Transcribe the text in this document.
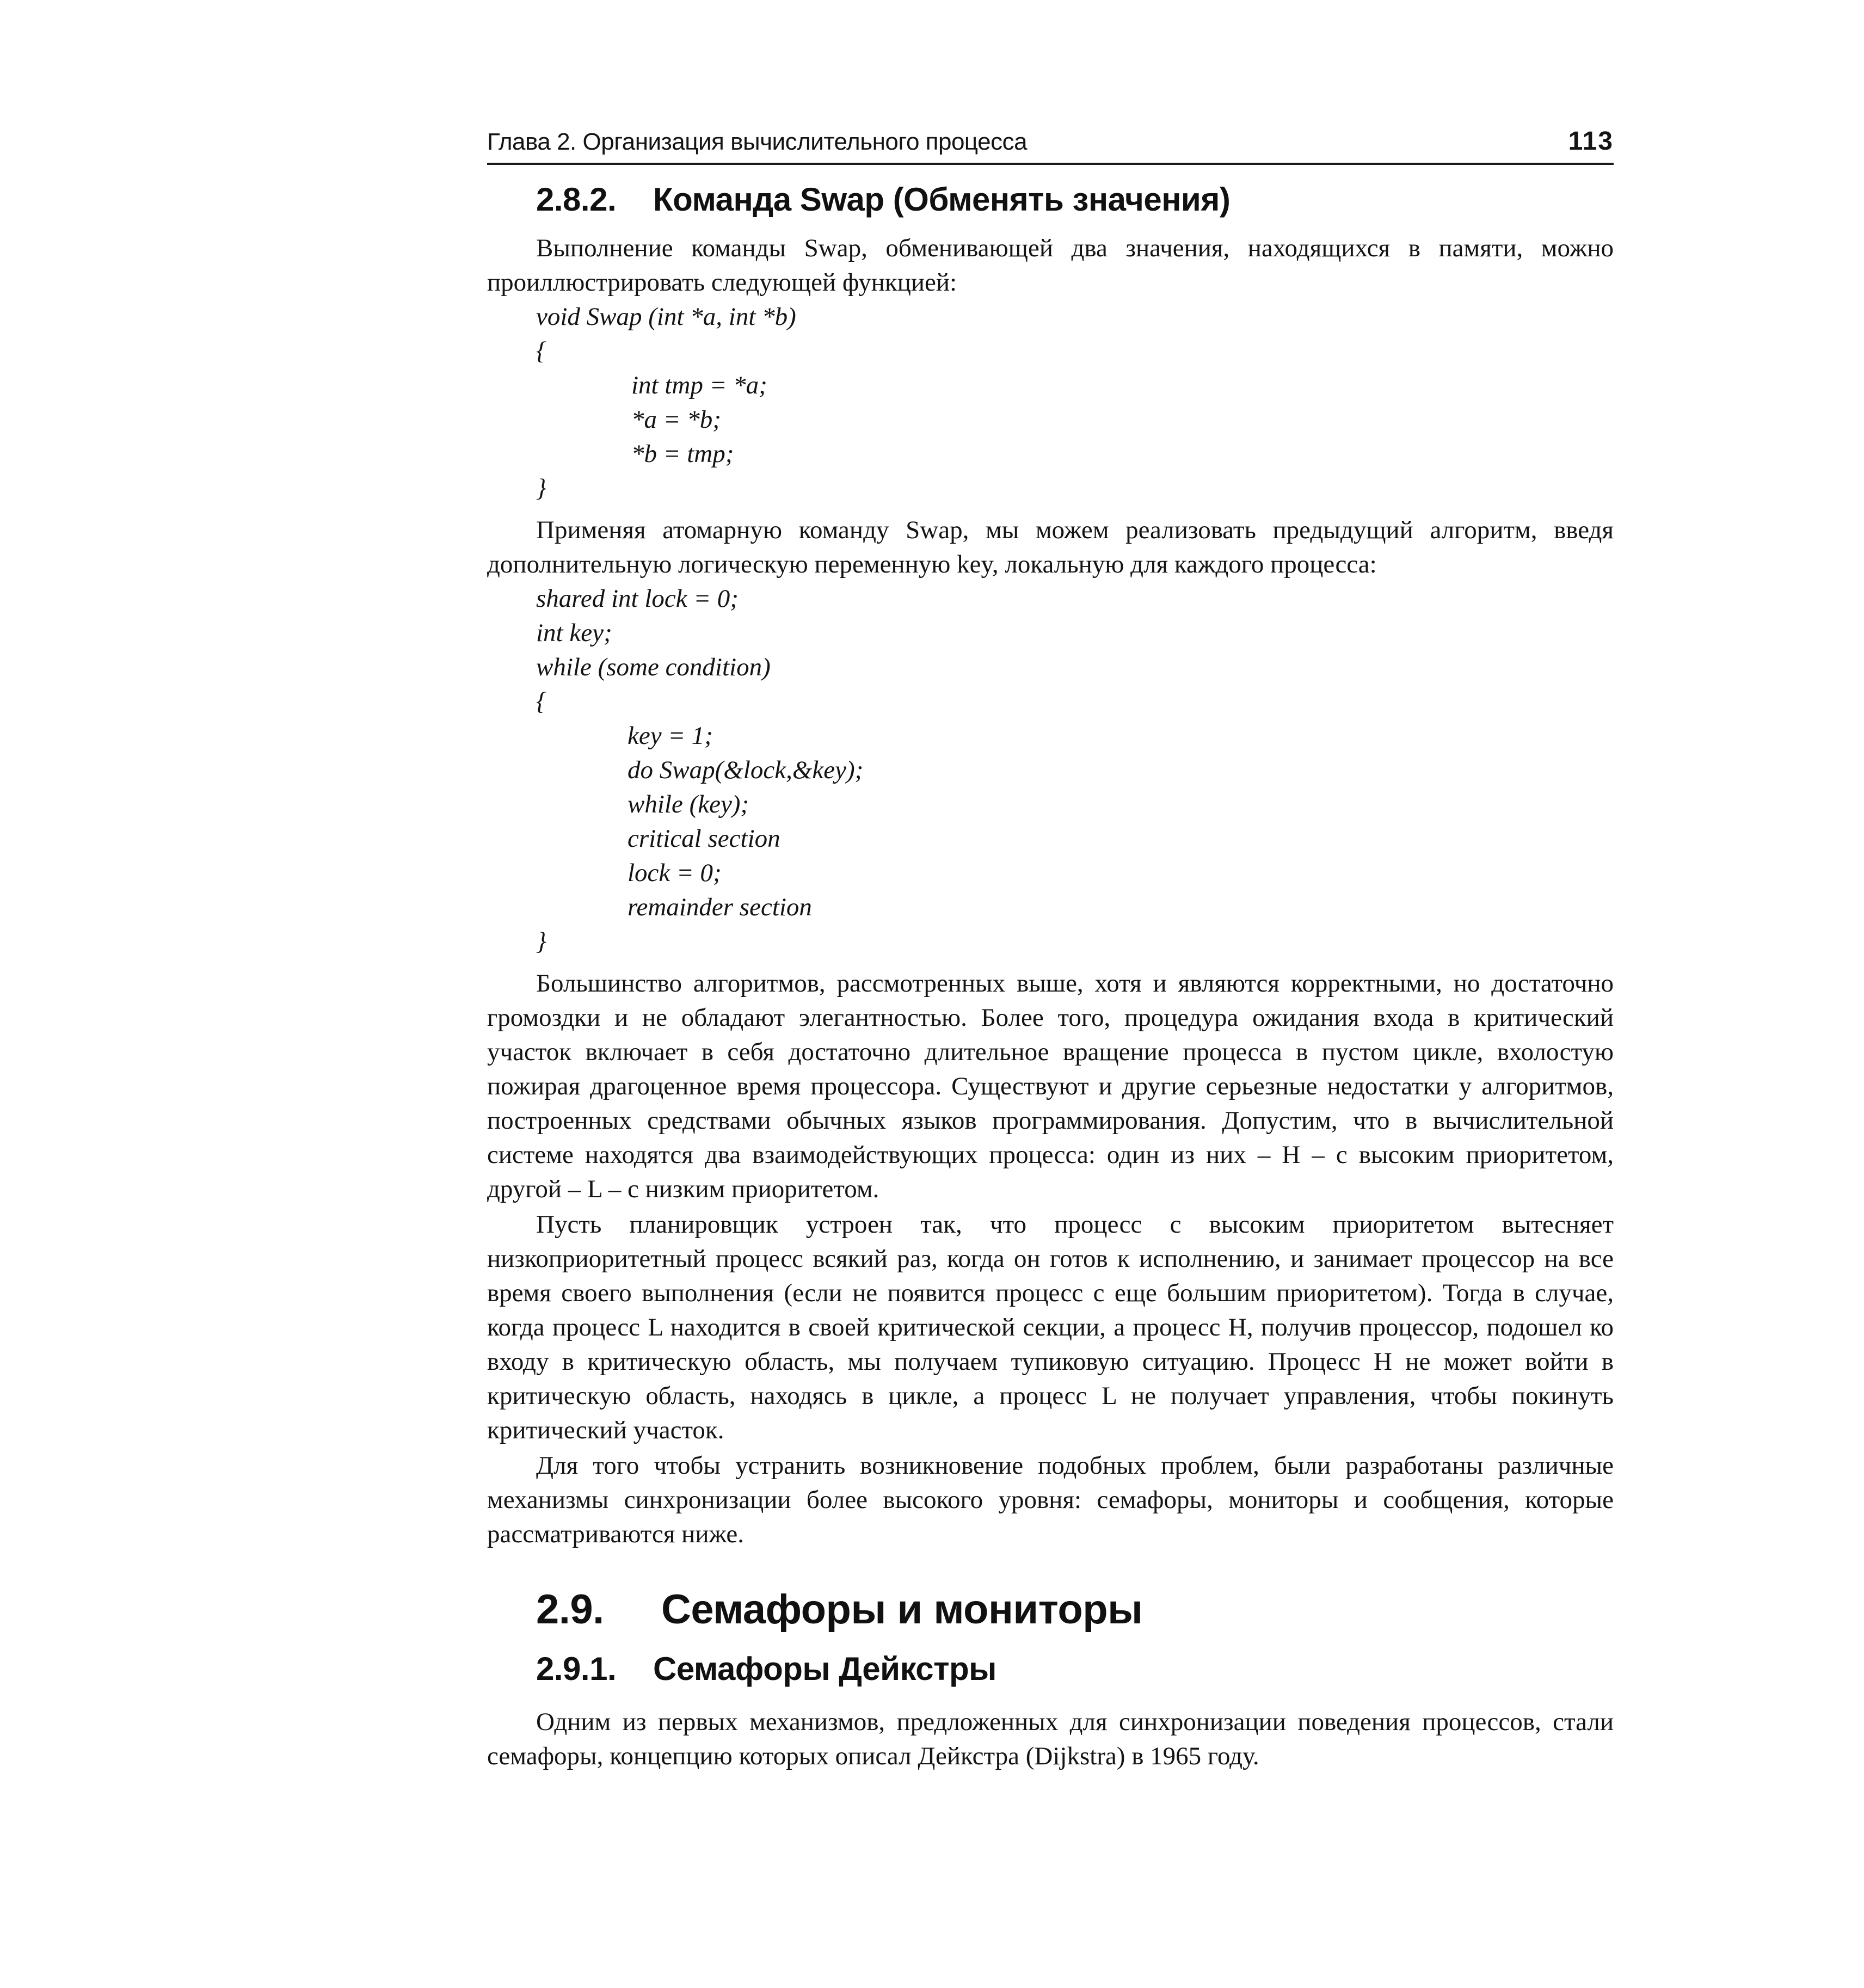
Глава 2. Организация вычислительного процесса	113
2.8.2. Команда Swap (Обменять значения)

Выполнение команды Swap, обменивающей два значения, находящихся в памяти, можно проиллюстрировать следующей функцией:

void Swap (int *a, int *b)
{
int tmp = *a;
*a = *b;
*b = tmp;
}

Применяя атомарную команду Swap, мы можем реализовать предыдущий алгоритм, введя дополнительную логическую переменную key, локальную для каждого процесса:

shared int lock = 0;
int key;
while (some condition)
{
key = 1;
do Swap(&lock,&key);
while (key);
critical section
lock = 0;
remainder section
}

Большинство алгоритмов, рассмотренных выше, хотя и являются корректными, но достаточно громоздки и не обладают элегантностью. Более того, процедура ожидания входа в критический участок включает в себя достаточно длительное вращение процесса в пустом цикле, вхолостую пожирая драгоценное время процессора. Существуют и другие серьезные недостатки у алгоритмов, построенных средствами обычных языков программирования. Допустим, что в вычислительной системе находятся два взаимодействующих процесса: один из них – H – с высоким приоритетом, другой – L – с низким приоритетом.

Пусть планировщик устроен так, что процесс с высоким приоритетом вытесняет низкоприоритетный процесс всякий раз, когда он готов к исполнению, и занимает процессор на все время своего выполнения (если не появится процесс с еще большим приоритетом). Тогда в случае, когда процесс L находится в своей критической секции, а процесс H, получив процессор, подошел ко входу в критическую область, мы получаем тупиковую ситуацию. Процесс H не может войти в критическую область, находясь в цикле, а процесс L не получает управления, чтобы покинуть критический участок.

Для того чтобы устранить возникновение подобных проблем, были разработаны различные механизмы синхронизации более высокого уровня: семафоры, мониторы и сообщения, которые рассматриваются ниже.

2.9. Семафоры и мониторы
2.9.1. Семафоры Дейкстры

Одним из первых механизмов, предложенных для синхронизации поведения процессов, стали семафоры, концепцию которых описал Дейкстра (Dijkstra) в 1965 году.
